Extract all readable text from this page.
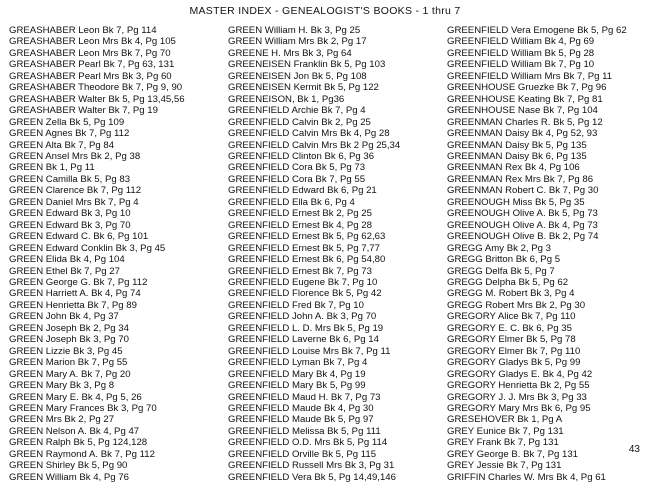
MASTER INDEX - GENEALOGIST'S BOOKS - 1 thru 7
GREASHABER Leon Bk 7, Pg 114
GREASHABER Leon Mrs Bk 4, Pg 105
GREASHABER Leon Mrs Bk 7, Pg 70
GREASHABER Pearl Bk 7, Pg 63, 131
GREASHABER Pearl Mrs Bk 3, Pg 60
GREASHABER Theodore Bk 7, Pg 9, 90
GREASHABER Walter Bk 5, Pg 13,45,56
GREASHABER Walter Bk 7, Pg 19
GREEN Zella Bk 5, Pg 109
GREEN Agnes Bk 7, Pg 112
GREEN Alta Bk 7, Pg 84
GREEN Ansel Mrs Bk 2, Pg 38
GREEN Bk 1, Pg 11
GREEN Camilla Bk 5, Pg 83
GREEN Clarence Bk 7, Pg 112
GREEN Daniel Mrs Bk 7, Pg 4
GREEN Edward Bk 3, Pg 10
GREEN Edward Bk 3, Pg 70
GREEN Edward C. Bk 6, Pg 101
GREEN Edward Conklin Bk 3, Pg 45
GREEN Elida Bk 4, Pg 104
GREEN Ethel Bk 7, Pg 27
GREEN George G. Bk 7, Pg 112
GREEN Harriett A. Bk 4, Pg 74
GREEN Henrietta Bk 7, Pg 89
GREEN John Bk 4, Pg 37
GREEN Joseph Bk 2, Pg 34
GREEN Joseph Bk 3, Pg 70
GREEN Lizzie Bk 3, Pg 45
GREEN Marion Bk 7, Pg 55
GREEN Mary A. Bk 7, Pg 20
GREEN Mary Bk 3, Pg 8
GREEN Mary E. Bk 4, Pg 5, 26
GREEN Mary Frances Bk 3, Pg 70
GREEN Mrs Bk 2, Pg 27
GREEN Nelson A. Bk 4, Pg 47
GREEN Ralph Bk 5, Pg 124,128
GREEN Raymond A. Bk 7, Pg 112
GREEN Shirley Bk 5, Pg 90
GREEN William Bk 4, Pg 76
GREEN William H. Bk 3, Pg 25
GREEN William Mrs Bk 2, Pg 17
GREENE H. Mrs Bk 3, Pg 64
GREENEISEN Franklin Bk 5, Pg 103
GREENEISEN Jon Bk 5, Pg 108
GREENEISEN Kermit Bk 5, Pg 122
GREENEISON, Bk 1, Pg36
GREENFIELD Archie Bk 7, Pg 4
GREENFIELD Calvin Bk 2, Pg 25
GREENFIELD Calvin Mrs Bk 4, Pg 28
GREENFIELD Calvin Mrs Bk 2 Pg 25,34
GREENFIELD Clinton Bk 6, Pg 36
GREENFIELD Cora Bk 5, Pg 73
GREENFIELD Cora Bk 7, Pg 55
GREENFIELD Edward Bk 6, Pg 21
GREENFIELD Ella Bk 6, Pg 4
GREENFIELD Ernest Bk 2, Pg 25
GREENFIELD Ernest Bk 4, Pg 28
GREENFIELD Ernest Bk 5, Pg 62,63
GREENFIELD Ernest Bk 5, Pg 7,77
GREENFIELD Ernest Bk 6, Pg 54,80
GREENFIELD Ernest Bk 7, Pg 73
GREENFIELD Eugene Bk 7, Pg 10
GREENFIELD Florence Bk 5, Pg 42
GREENFIELD Fred Bk 7, Pg 10
GREENFIELD John A. Bk 3, Pg 70
GREENFIELD L. D. Mrs Bk 5, Pg 19
GREENFIELD Laverne Bk 6, Pg 14
GREENFIELD Louise Mrs Bk 7, Pg 11
GREENFIELD Lyman Bk 7, Pg 4
GREENFIELD Mary Bk 4, Pg 19
GREENFIELD Mary Bk 5, Pg 99
GREENFIELD Maud H. Bk 7, Pg 73
GREENFIELD Maude Bk 4, Pg 30
GREENFIELD Maude Bk 5, Pg 97
GREENFIELD Melissa Bk 5, Pg 111
GREENFIELD O.D. Mrs Bk 5, Pg 114
GREENFIELD Orville Bk 5, Pg 115
GREENFIELD Russell Mrs Bk 3, Pg 31
GREENFIELD Vera Bk 5, Pg 14,49,146
GREENFIELD Vera Emogene Bk 5, Pg 62
GREENFIELD William Bk 4, Pg 69
GREENFIELD William Bk 5, Pg 28
GREENFIELD William Bk 7, Pg 10
GREENFIELD William Mrs Bk 7, Pg 11
GREENHOUSE Gruezke Bk 7, Pg 96
GREENHOUSE Keating Bk 7, Pg 81
GREENHOUSE Nase Bk 7, Pg 104
GREENMAN Charles R. Bk 5, Pg 12
GREENMAN Daisy Bk 4, Pg 52, 93
GREENMAN Daisy Bk 5, Pg 135
GREENMAN Daisy Bk 6, Pg 135
GREENMAN Rex Bk 4, Pg 106
GREENMAN Rex Mrs Bk 7, Pg 86
GREENMAN Robert C. Bk 7, Pg 30
GREENOUGH Miss Bk 5, Pg 35
GREENOUGH Olive A. Bk 5, Pg 73
GREENOUGH Olive A. Bk 4, Pg 73
GREENOUGH Olive B. Bk 2, Pg 74
GREGG Amy Bk 2, Pg 3
GREGG Britton Bk 6, Pg 5
GREGG Delfa Bk 5, Pg 7
GREGG Delpha Bk 5, Pg 62
GREGG M. Robert Bk 3, Pg 4
GREGG Robert Mrs Bk 2, Pg 30
GREGORY Alice Bk 7, Pg 110
GREGORY E. C. Bk 6, Pg 35
GREGORY Elmer Bk 5, Pg 78
GREGORY Elmer Bk 7, Pg 110
GREGORY Gladys Bk 5, Pg 99
GREGORY Gladys E. Bk 4, Pg 42
GREGORY Henrietta Bk 2, Pg 55
GREGORY J. J. Mrs Bk 3, Pg 33
GREGORY Mary Mrs Bk 6, Pg 95
GRESEHOVER Bk 1, Pg A
GREY Eunice Bk 7, Pg 131
GREY Frank Bk 7, Pg 131
GREY George B. Bk 7, Pg 131
GREY Jessie Bk 7, Pg 131
GRIFFIN Charles W. Mrs Bk 4, Pg 61
43
